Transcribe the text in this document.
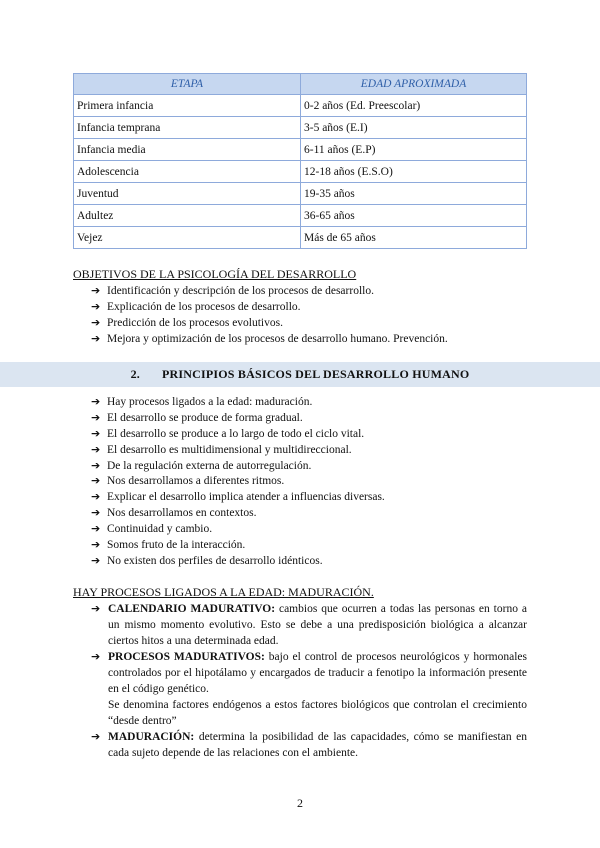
ETAPA	EDAD APROXIMADA
Primera infancia	0-2 años (Ed. Preescolar)
Infancia temprana	3-5 años (E.I)
Infancia media	6-11 años (E.P)
Adolescencia	12-18 años (E.S.O)
Juventud	19-35 años
Adultez	36-65 años
Vejez	Más de 65 años

OBJETIVOS DE LA PSICOLOGÍA DEL DESARROLLO

➔ Identificación y descripción de los procesos de desarrollo.
➔ Explicación de los procesos de desarrollo.
➔ Predicción de los procesos evolutivos.
➔ Mejora y optimización de los procesos de desarrollo humano. Prevención.
2. PRINCIPIOS BÁSICOS DEL DESARROLLO HUMANO
➔ Hay procesos ligados a la edad: maduración.
➔ El desarrollo se produce de forma gradual.
➔ El desarrollo se produce a lo largo de todo el ciclo vital.
➔ El desarrollo es multidimensional y multidireccional.
➔ De la regulación externa de autorregulación.
➔ Nos desarrollamos a diferentes ritmos.
➔ Explicar el desarrollo implica atender a influencias diversas.
➔ Nos desarrollamos en contextos.
➔ Continuidad y cambio.
➔ Somos fruto de la interacción.
➔ No existen dos perfiles de desarrollo idénticos.

HAY PROCESOS LIGADOS A LA EDAD: MADURACIÓN.

➔ CALENDARIO MADURATIVO: cambios que ocurren a todas las personas en torno a un mismo momento evolutivo. Esto se debe a una predisposición biológica a alcanzar ciertos hitos a una determinada edad.
➔ PROCESOS MADURATIVOS: bajo el control de procesos neurológicos y hormonales controlados por el hipotálamo y encargados de traducir a fenotipo la información presente en el código genético.
Se denomina factores endógenos a estos factores biológicos que controlan el crecimiento “desde dentro”
➔ MADURACIÓN: determina la posibilidad de las capacidades, cómo se manifiestan en cada sujeto depende de las relaciones con el ambiente.
2
